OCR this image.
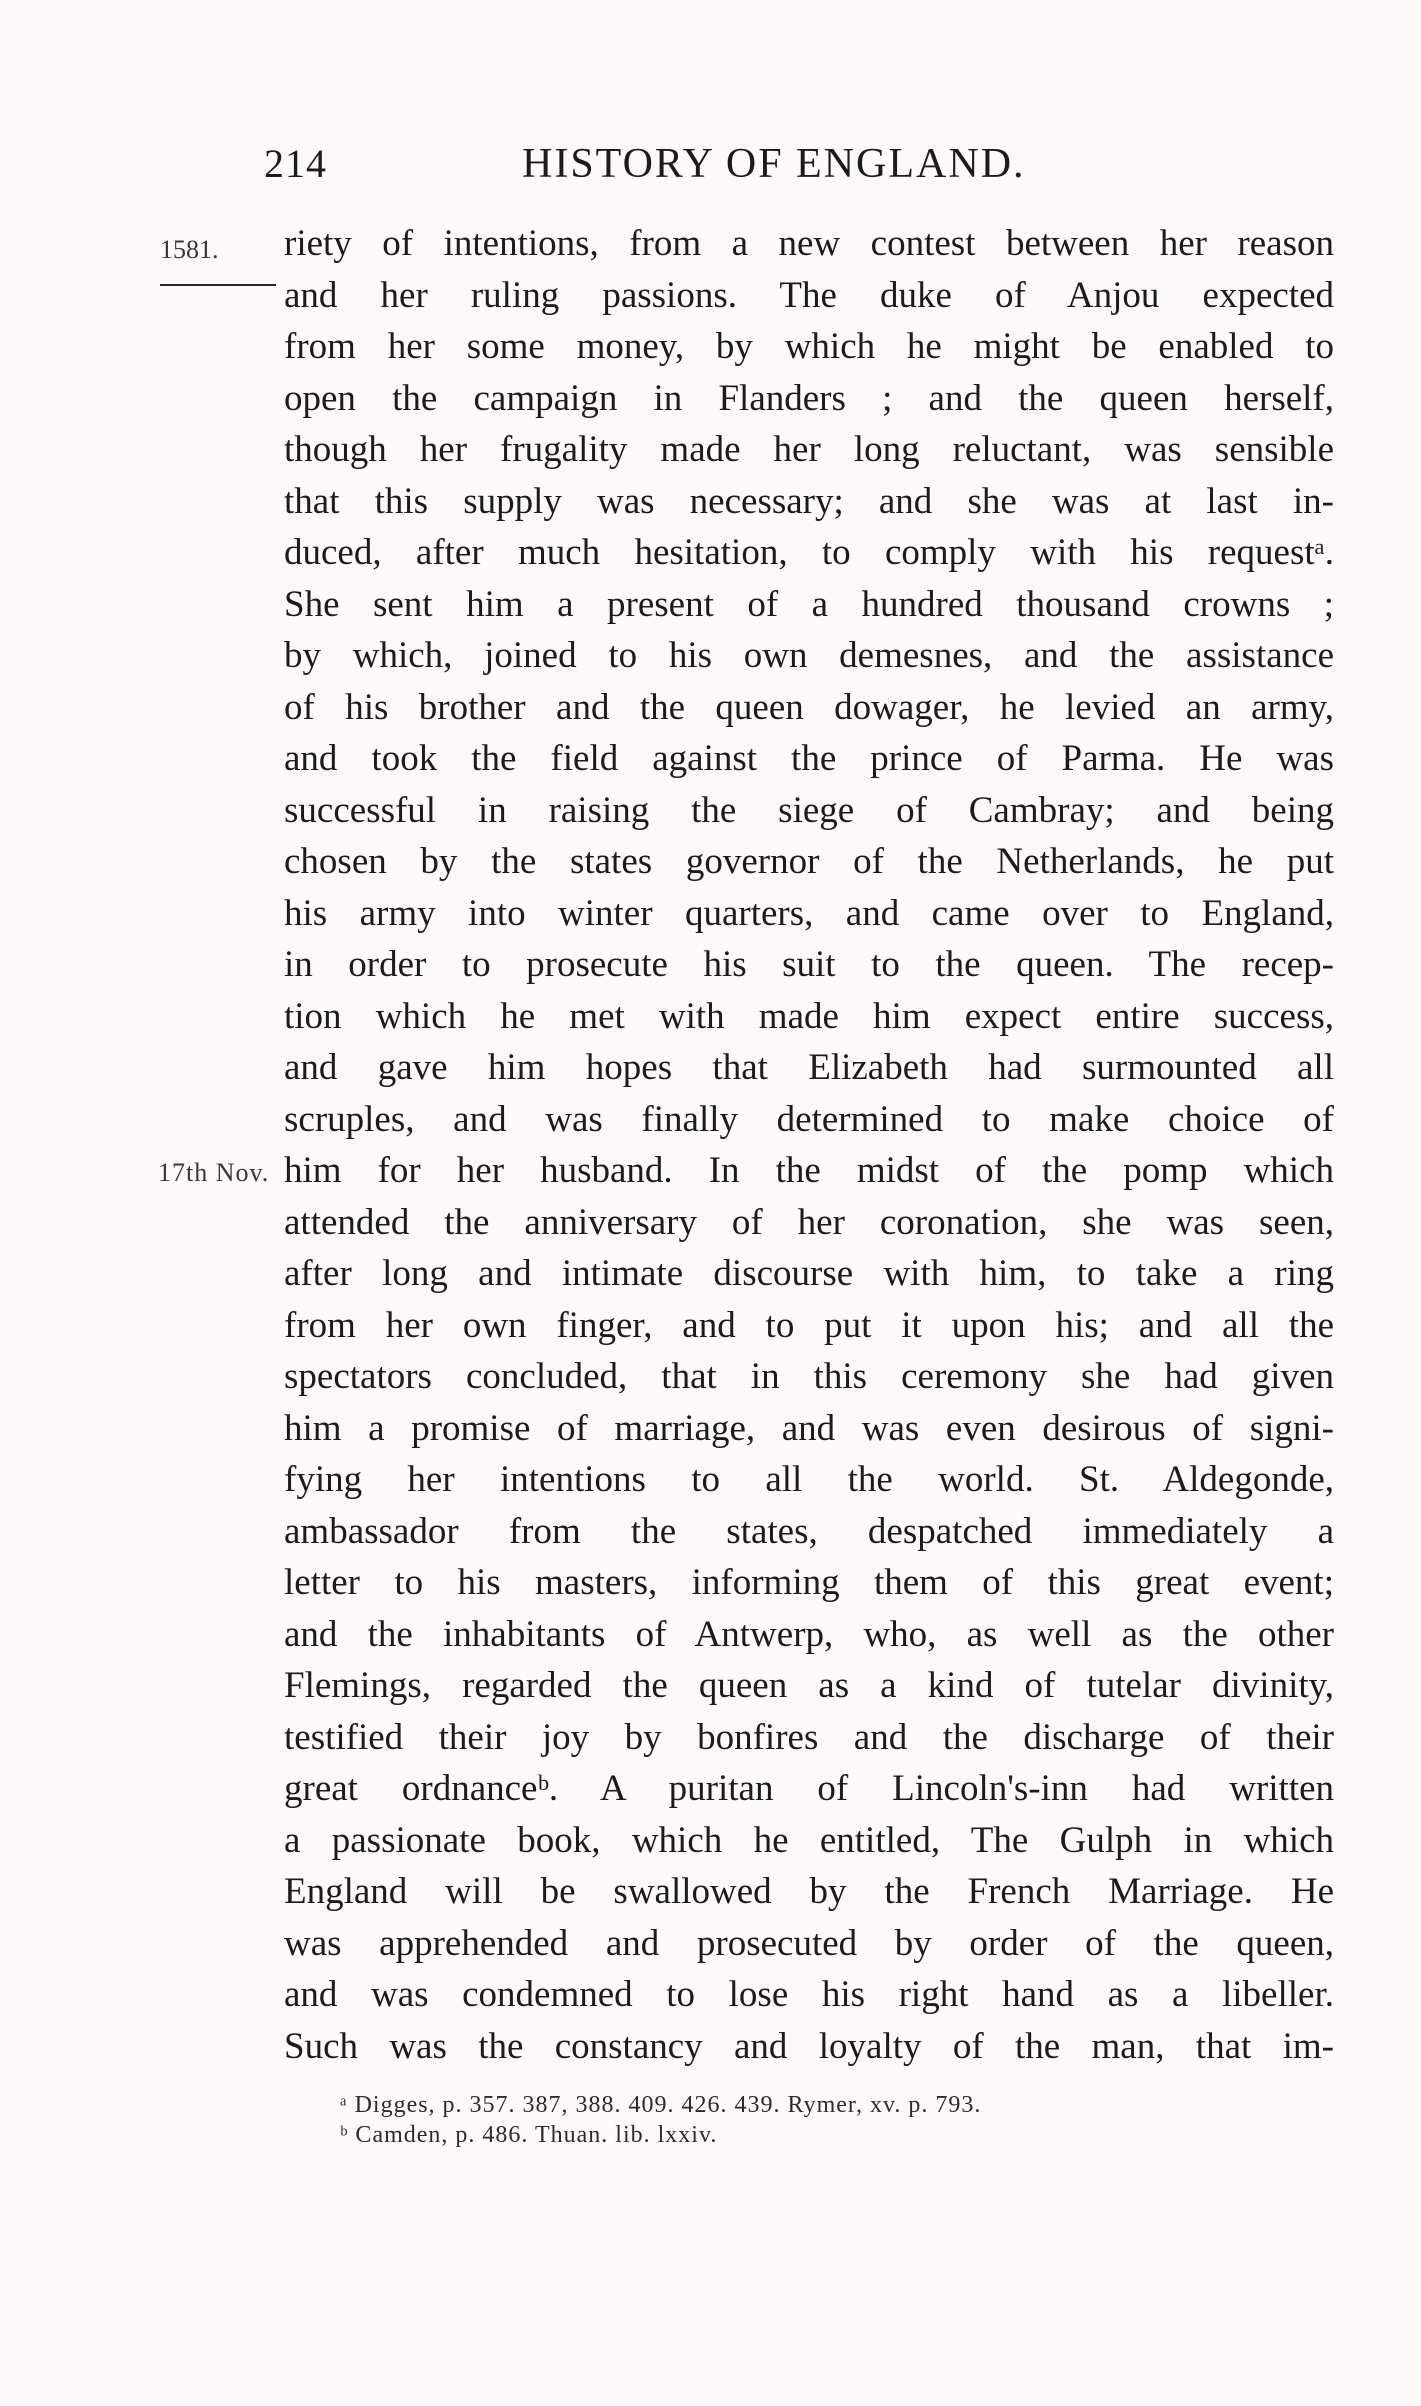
214	HISTORY OF ENGLAND.
1581.
17th Nov.
riety of intentions, from a new contest between her reason
and her ruling passions. The duke of Anjou expected
from her some money, by which he might be enabled to
open the campaign in Flanders ; and the queen herself,
though her frugality made her long reluctant, was sensible
that this supply was necessary; and she was at last in-
duced, after much hesitation, to comply with his requestᵃ.
She sent him a present of a hundred thousand crowns ;
by which, joined to his own demesnes, and the assistance
of his brother and the queen dowager, he levied an army,
and took the field against the prince of Parma. He was
successful in raising the siege of Cambray; and being
chosen by the states governor of the Netherlands, he put
his army into winter quarters, and came over to England,
in order to prosecute his suit to the queen. The recep-
tion which he met with made him expect entire success,
and gave him hopes that Elizabeth had surmounted all
scruples, and was finally determined to make choice of
him for her husband. In the midst of the pomp which
attended the anniversary of her coronation, she was seen,
after long and intimate discourse with him, to take a ring
from her own finger, and to put it upon his; and all the
spectators concluded, that in this ceremony she had given
him a promise of marriage, and was even desirous of signi-
fying her intentions to all the world. St. Aldegonde,
ambassador from the states, despatched immediately a
letter to his masters, informing them of this great event;
and the inhabitants of Antwerp, who, as well as the other
Flemings, regarded the queen as a kind of tutelar divinity,
testified their joy by bonfires and the discharge of their
great ordnanceᵇ. A puritan of Lincoln's-inn had written
a passionate book, which he entitled, The Gulph in which
England will be swallowed by the French Marriage. He
was apprehended and prosecuted by order of the queen,
and was condemned to lose his right hand as a libeller.
Such was the constancy and loyalty of the man, that im-
ᵃ Digges, p. 357. 387, 388. 409. 426. 439. Rymer, xv. p. 793.
ᵇ Camden, p. 486. Thuan. lib. lxxiv.
